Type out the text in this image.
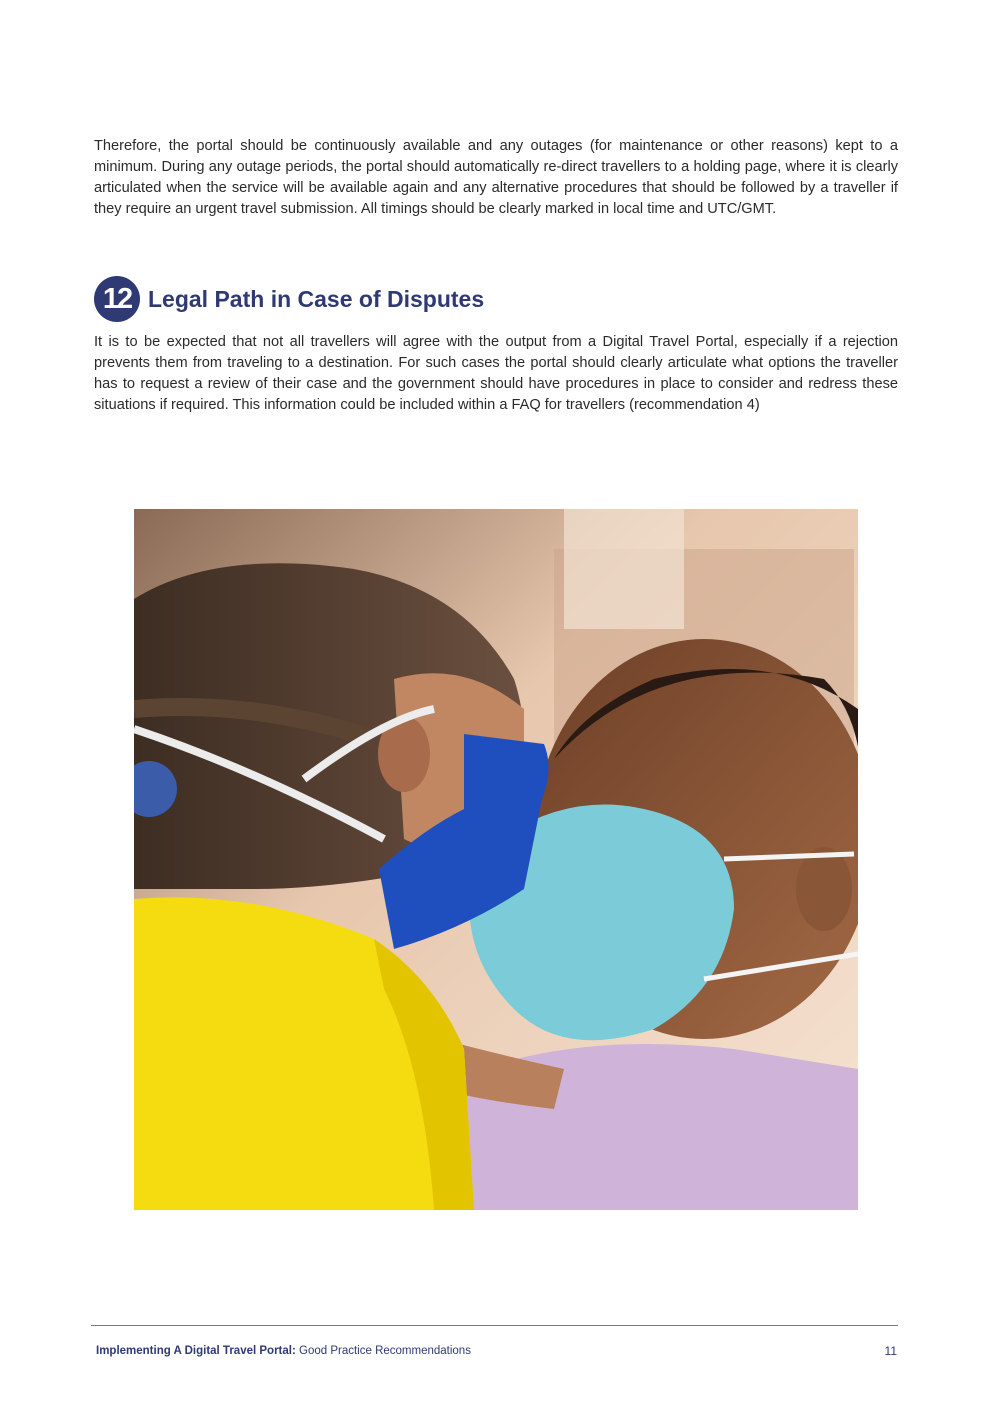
Therefore, the portal should be continuously available and any outages (for maintenance or other reasons) kept to a minimum. During any outage periods, the portal should automatically re-direct travellers to a holding page, where it is clearly articulated when the service will be available again and any alternative procedures that should be followed by a traveller if they require an urgent travel submission. All timings should be clearly marked in local time and UTC/GMT.

12 Legal Path in Case of Disputes

It is to be expected that not all travellers will agree with the output from a Digital Travel Portal, especially if a rejection prevents them from traveling to a destination. For such cases the portal should clearly articulate what options the traveller has to request a review of their case and the government should have procedures in place to consider and redress these situations if required. This information could be included within a FAQ for travellers (recommendation 4)

Implementing A Digital Travel Portal: Good Practice Recommendations	11
